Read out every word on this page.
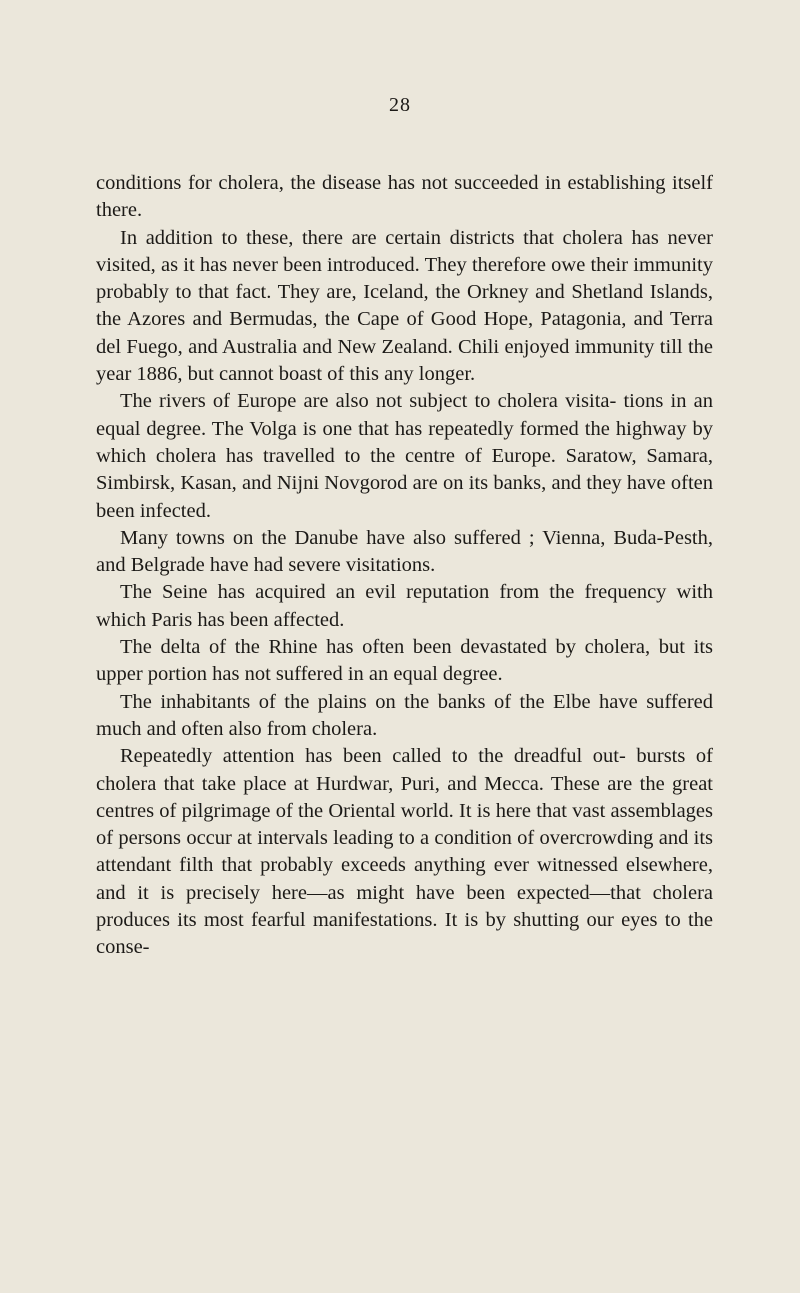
28

conditions for cholera, the disease has not succeeded in establishing itself there.

In addition to these, there are certain districts that cholera has never visited, as it has never been introduced. They therefore owe their immunity probably to that fact. They are, Iceland, the Orkney and Shetland Islands, the Azores and Bermudas, the Cape of Good Hope, Patagonia, and Terra del Fuego, and Australia and New Zealand. Chili enjoyed immunity till the year 1886, but cannot boast of this any longer.

The rivers of Europe are also not subject to cholera visita- tions in an equal degree. The Volga is one that has repeatedly formed the highway by which cholera has travelled to the centre of Europe. Saratow, Samara, Simbirsk, Kasan, and Nijni Novgorod are on its banks, and they have often been infected.

Many towns on the Danube have also suffered ; Vienna, Buda-Pesth, and Belgrade have had severe visitations.

The Seine has acquired an evil reputation from the frequency with which Paris has been affected.

The delta of the Rhine has often been devastated by cholera, but its upper portion has not suffered in an equal degree.

The inhabitants of the plains on the banks of the Elbe have suffered much and often also from cholera.

Repeatedly attention has been called to the dreadful out- bursts of cholera that take place at Hurdwar, Puri, and Mecca. These are the great centres of pilgrimage of the Oriental world. It is here that vast assemblages of persons occur at intervals leading to a condition of overcrowding and its attendant filth that probably exceeds anything ever witnessed elsewhere, and it is precisely here—as might have been expected—that cholera produces its most fearful manifestations. It is by shutting our eyes to the conse-
